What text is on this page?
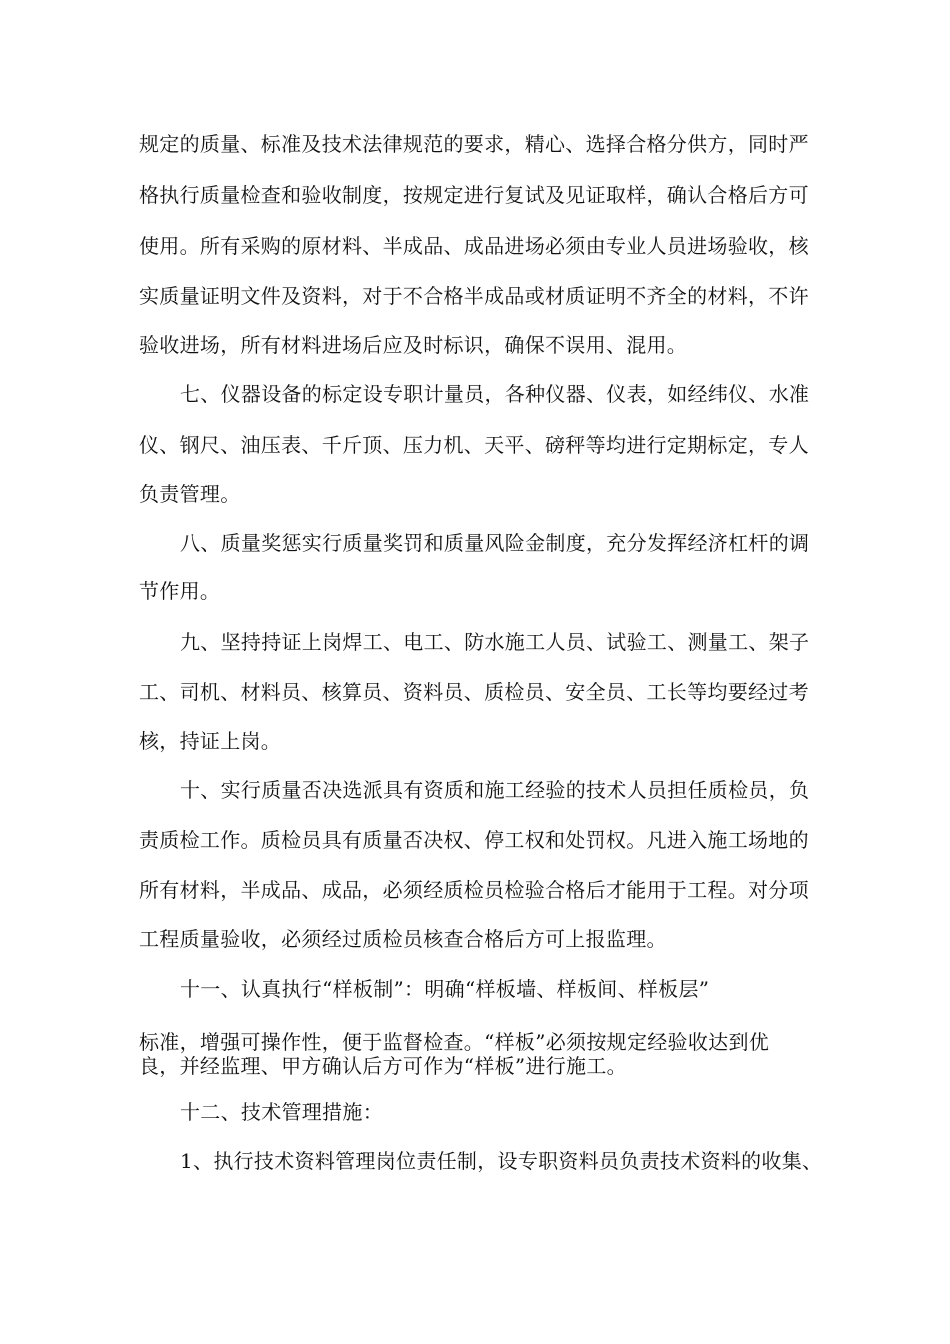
规定的质量、标准及技术法律规范的要求，精心、选择合格分供方，同时严
格执行质量检查和验收制度，按规定进行复试及见证取样，确认合格后方可
使用。所有采购的原材料、半成品、成品进场必须由专业人员进场验收，核
实质量证明文件及资料，对于不合格半成品或材质证明不齐全的材料，不许
验收进场，所有材料进场后应及时标识，确保不误用、混用。
七、仪器设备的标定设专职计量员，各种仪器、仪表，如经纬仪、水准
仪、钢尺、油压表、千斤顶、压力机、天平、磅秤等均进行定期标定，专人
负责管理。
八、质量奖惩实行质量奖罚和质量风险金制度，充分发挥经济杠杆的调
节作用。
九、坚持持证上岗焊工、电工、防水施工人员、试验工、测量工、架子
工、司机、材料员、核算员、资料员、质检员、安全员、工长等均要经过考
核，持证上岗。
十、实行质量否决选派具有资质和施工经验的技术人员担任质检员，负
责质检工作。质检员具有质量否决权、停工权和处罚权。凡进入施工场地的
所有材料，半成品、成品，必须经质检员检验合格后才能用于工程。对分项
工程质量验收，必须经过质检员核查合格后方可上报监理。
十一、认真执行“样板制”：明确“样板墙、样板间、样板层”
标准，增强可操作性，便于监督检查。“样板”必须按规定经验收达到优
良，并经监理、甲方确认后方可作为“样板”进行施工。
十二、技术管理措施：
1、执行技术资料管理岗位责任制，设专职资料员负责技术资料的收集、
